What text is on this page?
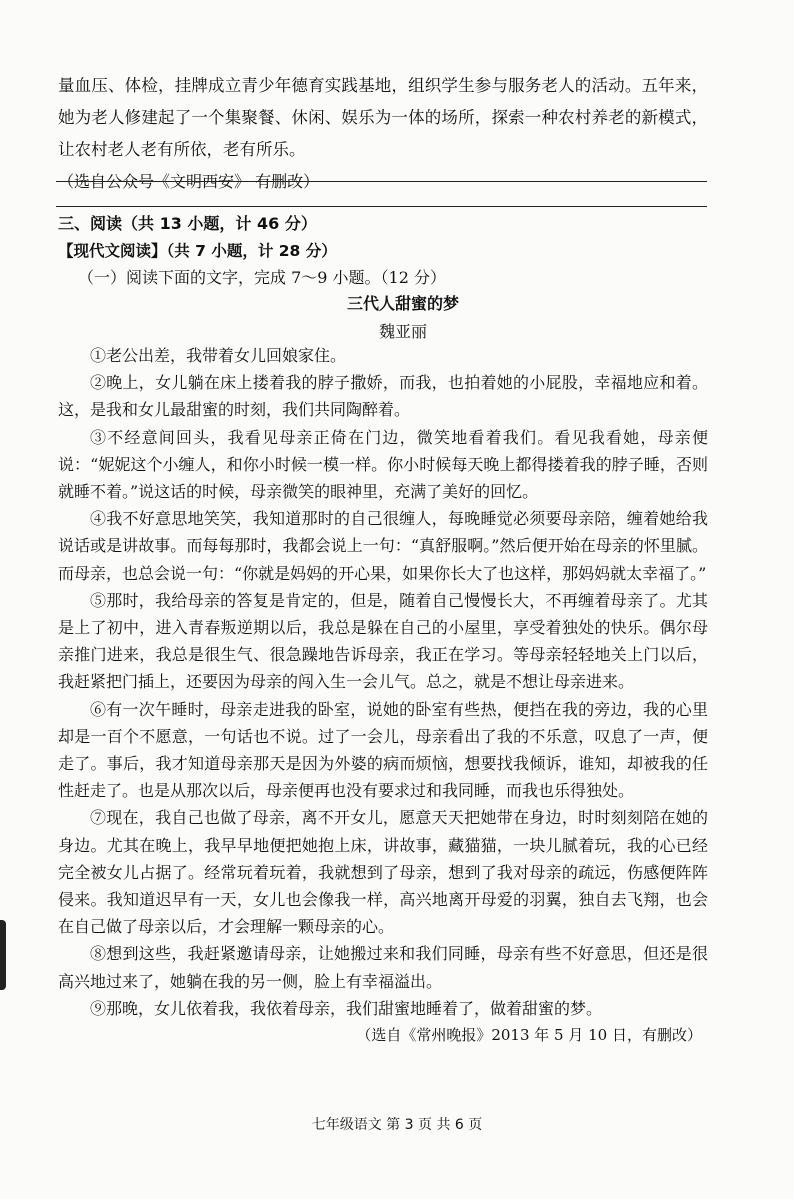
量血压、体检，挂牌成立青少年德育实践基地，组织学生参与服务老人的活动。五年来，她为老人修建起了一个集聚餐、休闲、娱乐为一体的场所，探索一种农村养老的新模式，让农村老人老有所依，老有所乐。

（选自公众号《文明西安》 有删改）

三、阅读（共 13 小题，计 46 分）

【现代文阅读】（共 7 小题，计 28 分）

（一）阅读下面的文字，完成 7～9 小题。（12 分）

三代人甜蜜的梦

魏亚丽

①老公出差，我带着女儿回娘家住。

②晚上，女儿躺在床上搂着我的脖子撒娇，而我，也拍着她的小屁股，幸福地应和着。这，是我和女儿最甜蜜的时刻，我们共同陶醉着。

③不经意间回头，我看见母亲正倚在门边，微笑地看着我们。看见我看她，母亲便说：“妮妮这个小缠人，和你小时候一模一样。你小时候每天晚上都得搂着我的脖子睡，否则就睡不着。”说这话的时候，母亲微笑的眼神里，充满了美好的回忆。

④我不好意思地笑笑，我知道那时的自己很缠人，每晚睡觉必须要母亲陪，缠着她给我说话或是讲故事。而每每那时，我都会说上一句：“真舒服啊。”然后便开始在母亲的怀里腻。而母亲，也总会说一句：“你就是妈妈的开心果，如果你长大了也这样，那妈妈就太幸福了。”

⑤那时，我给母亲的答复是肯定的，但是，随着自己慢慢长大，不再缠着母亲了。尤其是上了初中，进入青春叛逆期以后，我总是躲在自己的小屋里，享受着独处的快乐。偶尔母亲推门进来，我总是很生气、很急躁地告诉母亲，我正在学习。等母亲轻轻地关上门以后，我赶紧把门插上，还要因为母亲的闯入生一会儿气。总之，就是不想让母亲进来。

⑥有一次午睡时，母亲走进我的卧室，说她的卧室有些热，便挡在我的旁边，我的心里却是一百个不愿意，一句话也不说。过了一会儿，母亲看出了我的不乐意，叹息了一声，便走了。事后，我才知道母亲那天是因为外婆的病而烦恼，想要找我倾诉，谁知，却被我的任性赶走了。也是从那次以后，母亲便再也没有要求过和我同睡，而我也乐得独处。

⑦现在，我自己也做了母亲，离不开女儿，愿意天天把她带在身边，时时刻刻陪在她的身边。尤其在晚上，我早早地便把她抱上床，讲故事，藏猫猫，一块儿腻着玩，我的心已经完全被女儿占据了。经常玩着玩着，我就想到了母亲，想到了我对母亲的疏远，伤感便阵阵侵来。我知道迟早有一天，女儿也会像我一样，高兴地离开母爱的羽翼，独自去飞翔，也会在自己做了母亲以后，才会理解一颗母亲的心。

⑧想到这些，我赶紧邀请母亲，让她搬过来和我们同睡，母亲有些不好意思，但还是很高兴地过来了，她躺在我的另一侧，脸上有幸福溢出。

⑨那晚，女儿依着我，我依着母亲，我们甜蜜地睡着了，做着甜蜜的梦。

（选自《常州晚报》2013 年 5 月 10 日，有删改）

七年级语文 第 3 页 共 6 页
